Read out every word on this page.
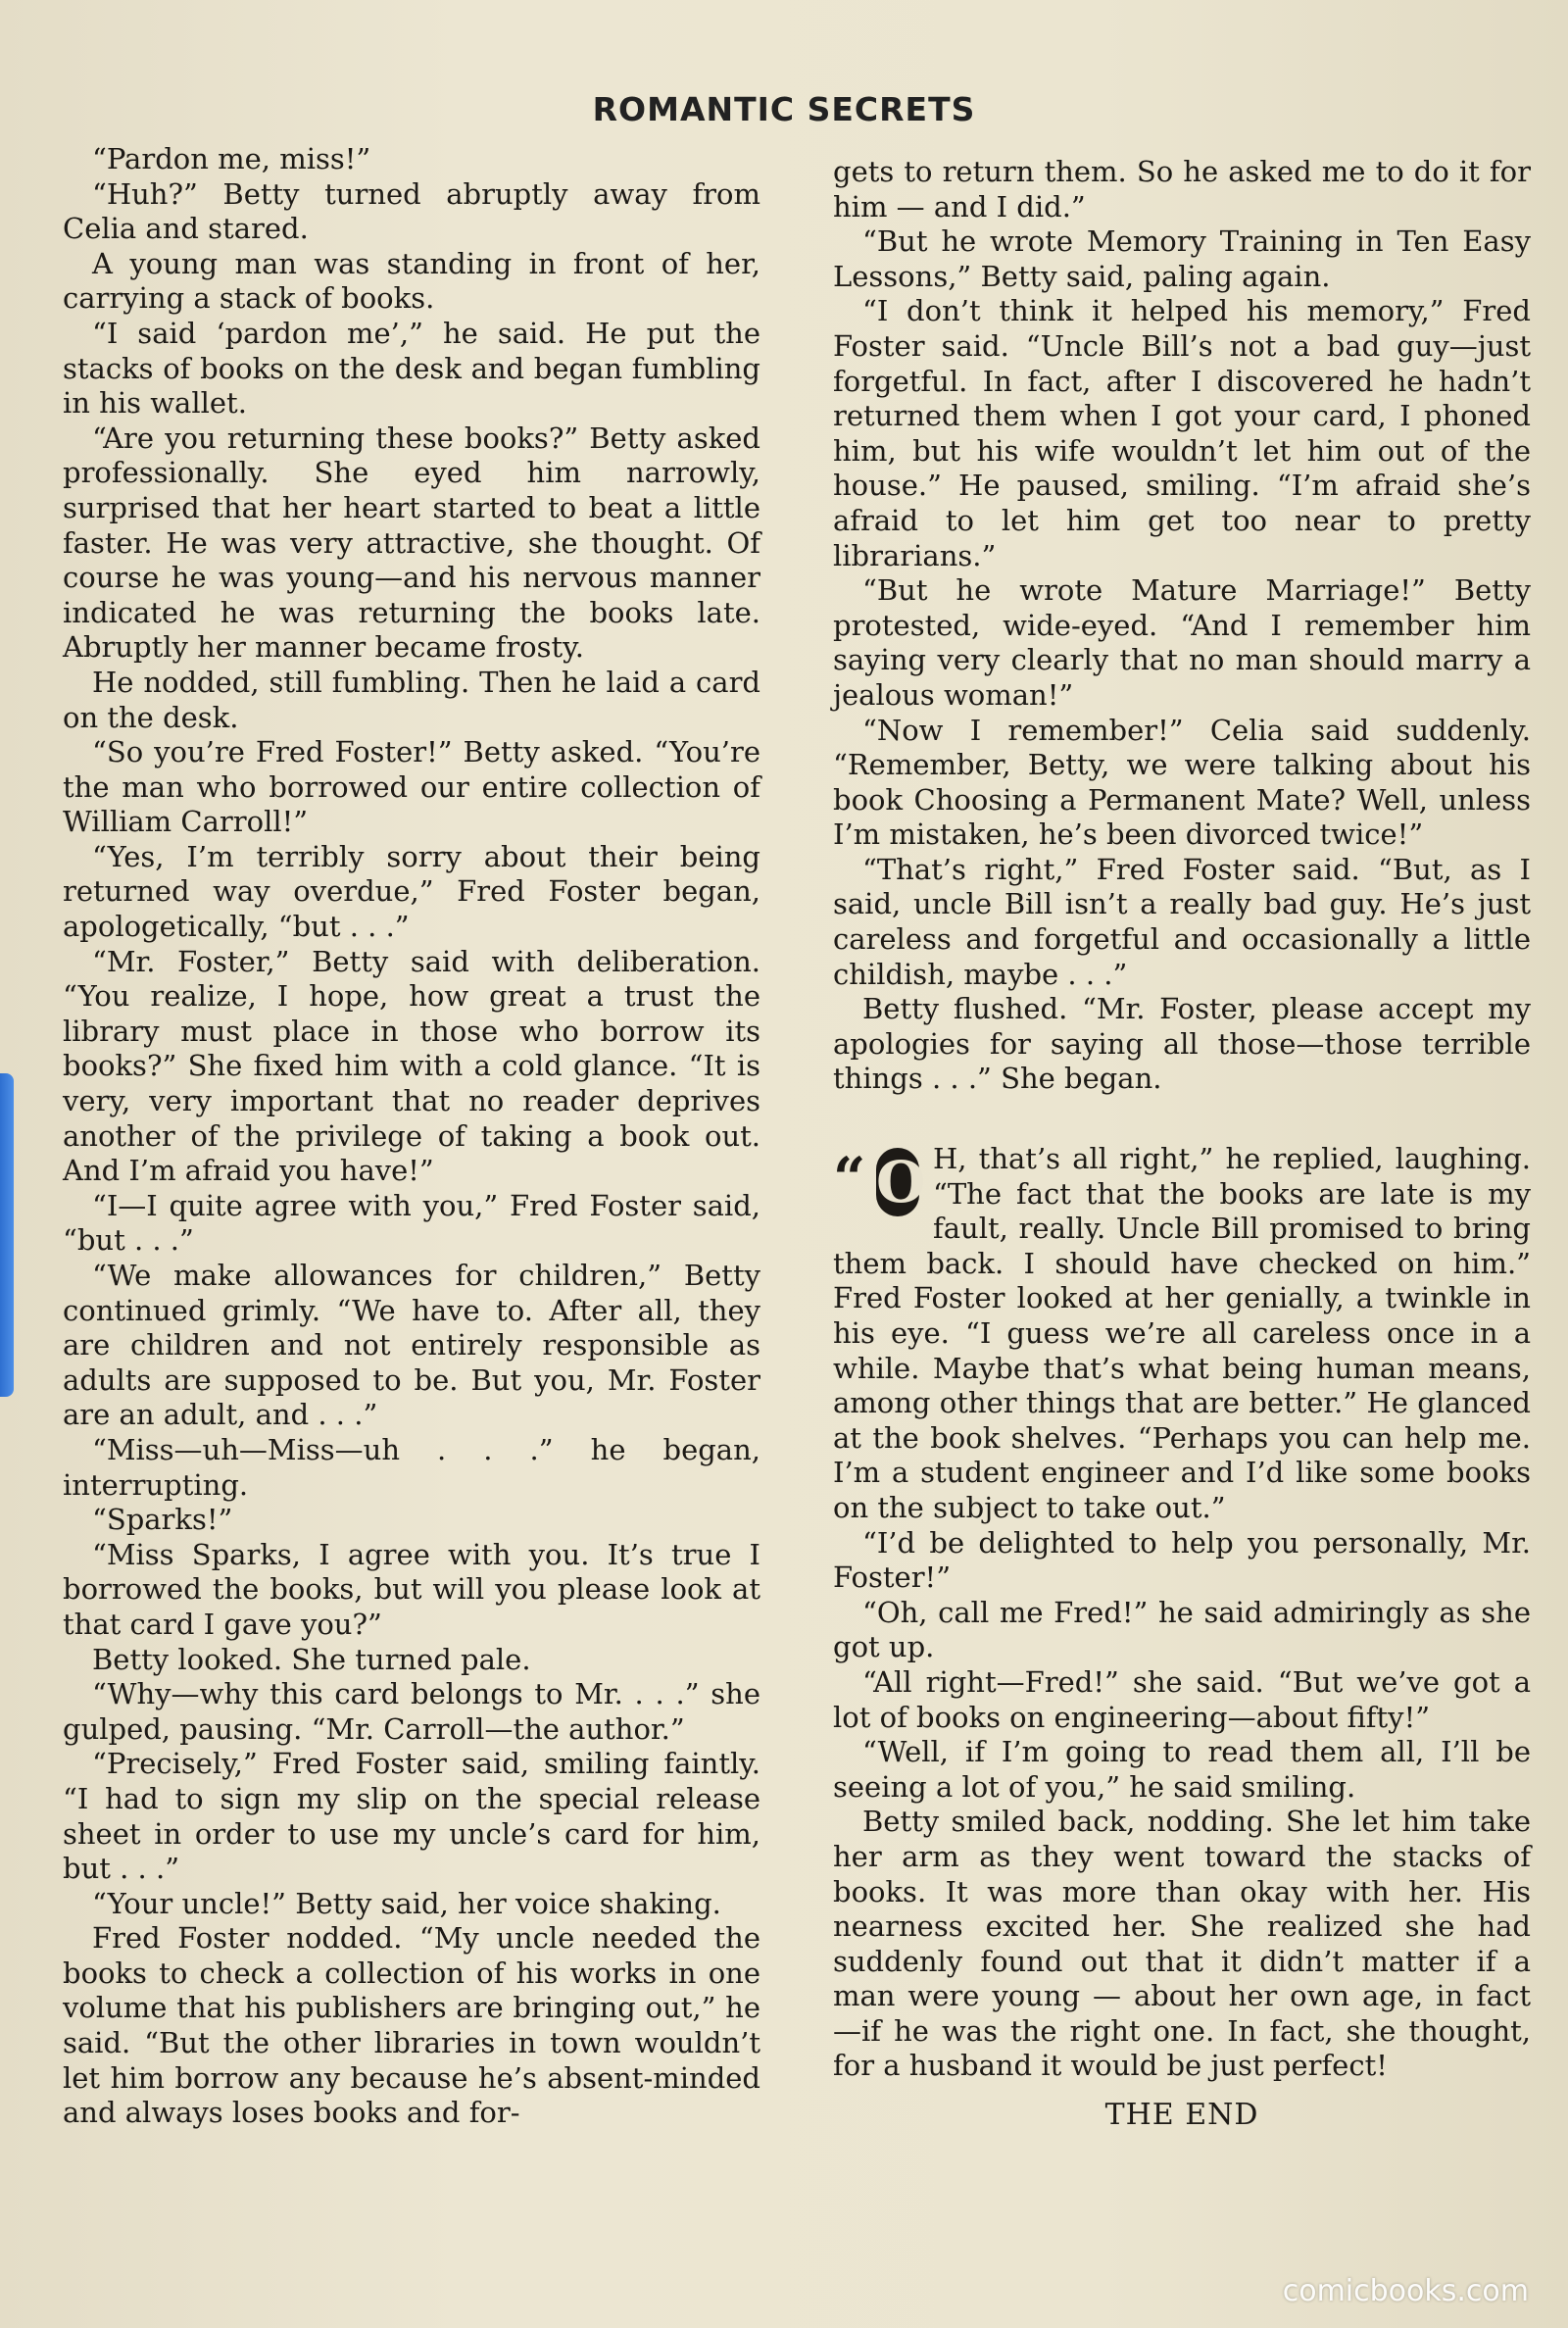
ROMANTIC SECRETS

“Pardon me, miss!”

“Huh?” Betty turned abruptly away from Celia and stared.

A young man was standing in front of her, carrying a stack of books.

“I said ‘pardon me’,” he said. He put the stacks of books on the desk and began fumbling in his wallet.

“Are you returning these books?” Betty asked professionally. She eyed him narrowly, surprised that her heart started to beat a little faster. He was very attractive, she thought. Of course he was young—and his nervous manner indicated he was returning the books late. Abruptly her manner became frosty.

He nodded, still fumbling. Then he laid a card on the desk.

“So you’re Fred Foster!” Betty asked. “You’re the man who borrowed our entire collection of William Carroll!”

“Yes, I’m terribly sorry about their being returned way overdue,” Fred Foster began, apologetically, “but . . .”

“Mr. Foster,” Betty said with deliberation. “You realize, I hope, how great a trust the library must place in those who borrow its books?” She fixed him with a cold glance. “It is very, very important that no reader deprives another of the privilege of taking a book out. And I’m afraid you have!”

“I—I quite agree with you,” Fred Foster said, “but . . .”

“We make allowances for children,” Betty continued grimly. “We have to. After all, they are children and not entirely responsible as adults are supposed to be. But you, Mr. Foster are an adult, and . . .”

“Miss—uh—Miss—uh . . .” he began, interrupting.

“Sparks!”

“Miss Sparks, I agree with you. It’s true I borrowed the books, but will you please look at that card I gave you?”

Betty looked. She turned pale.

“Why—why this card belongs to Mr. . . .” she gulped, pausing. “Mr. Carroll—the author.”

“Precisely,” Fred Foster said, smiling faintly. “I had to sign my slip on the special release sheet in order to use my uncle’s card for him, but . . .”

“Your uncle!” Betty said, her voice shaking.

Fred Foster nodded. “My uncle needed the books to check a collection of his works in one volume that his publishers are bringing out,” he said. “But the other libraries in town wouldn’t let him borrow any because he’s absent-minded and always loses books and for-

gets to return them. So he asked me to do it for him — and I did.”

“But he wrote Memory Training in Ten Easy Lessons,” Betty said, paling again.

“I don’t think it helped his memory,” Fred Foster said. “Uncle Bill’s not a bad guy—just forgetful. In fact, after I discovered he hadn’t returned them when I got your card, I phoned him, but his wife wouldn’t let him out of the house.” He paused, smiling. “I’m afraid she’s afraid to let him get too near to pretty librarians.”

“But he wrote Mature Marriage!” Betty protested, wide-eyed. “And I remember him saying very clearly that no man should marry a jealous woman!”

“Now I remember!” Celia said suddenly. “Remember, Betty, we were talking about his book Choosing a Permanent Mate? Well, unless I’m mistaken, he’s been divorced twice!”

“That’s right,” Fred Foster said. “But, as I said, uncle Bill isn’t a really bad guy. He’s just careless and forgetful and occasionally a little childish, maybe . . .”

Betty flushed. “Mr. Foster, please accept my apologies for saying all those—those terrible things . . .” She began.

“ O H, that’s all right,” he replied, laughing. “The fact that the books are late is my fault, really. Uncle Bill promised to bring them back. I should have checked on him.” Fred Foster looked at her genially, a twinkle in his eye. “I guess we’re all careless once in a while. Maybe that’s what being human means, among other things that are better.” He glanced at the book shelves. “Perhaps you can help me. I’m a student engineer and I’d like some books on the subject to take out.”

“I’d be delighted to help you personally, Mr. Foster!”

“Oh, call me Fred!” he said admiringly as she got up.

“All right—Fred!” she said. “But we’ve got a lot of books on engineering—about fifty!”

“Well, if I’m going to read them all, I’ll be seeing a lot of you,” he said smiling.

Betty smiled back, nodding. She let him take her arm as they went toward the stacks of books. It was more than okay with her. His nearness excited her. She realized she had suddenly found out that it didn’t matter if a man were young — about her own age, in fact —if he was the right one. In fact, she thought, for a husband it would be just perfect!

THE END
comicbooks.com
